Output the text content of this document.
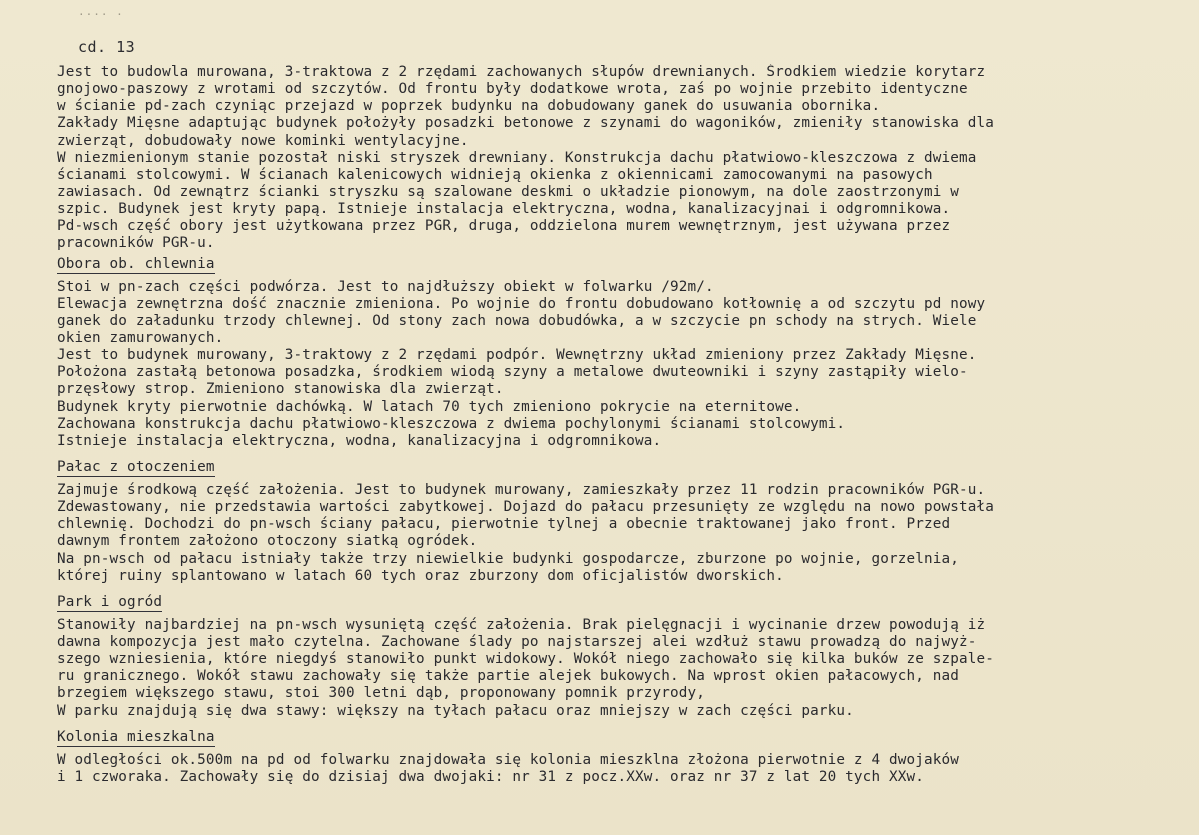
···· ·
cd. 13
Jest to budowla murowana, 3-traktowa z 2 rzędami zachowanych słupów drewnianych. Środkiem wiedzie korytarz
gnojowo-paszowy z wrotami od szczytów. Od frontu były dodatkowe wrota, zaś po wojnie przebito identyczne
w ścianie pd-zach czyniąc przejazd w poprzek budynku na dobudowany ganek do usuwania obornika.
Zakłady Mięsne adaptując budynek położyły posadzki betonowe z szynami do wagoników, zmieniły stanowiska dla
zwierząt, dobudowały nowe kominki wentylacyjne.
W niezmienionym stanie pozostał niski stryszek drewniany. Konstrukcja dachu płatwiowo-kleszczowa z dwiema
ścianami stolcowymi. W ścianach kalenicowych widnieją okienka z okiennicami zamocowanymi na pasowych
zawiasach. Od zewnątrz ścianki stryszku są szalowane deskmi o układzie pionowym, na dole zaostrzonymi w
szpic. Budynek jest kryty papą. Istnieje instalacja elektryczna, wodna, kanalizacyjnai i odgromnikowa.
Pd-wsch część obory jest użytkowana przez PGR, druga, oddzielona murem wewnętrznym, jest używana przez
pracowników PGR-u.
Obora ob. chlewnia
Stoi w pn-zach części podwórza. Jest to najdłuższy obiekt w folwarku /92m/.
Elewacja zewnętrzna dość znacznie zmieniona. Po wojnie do frontu dobudowano kotłownię a od szczytu pd nowy
ganek do załadunku trzody chlewnej. Od stony zach nowa dobudówka, a w szczycie pn schody na strych. Wiele
okien zamurowanych.
Jest to budynek murowany, 3-traktowy z 2 rzędami podpór. Wewnętrzny układ zmieniony przez Zakłady Mięsne.
Położona zastałą betonowa posadzka, środkiem wiodą szyny a metalowe dwuteowniki i szyny zastąpiły wielo-
przęsłowy strop. Zmieniono stanowiska dla zwierząt.
Budynek kryty pierwotnie dachówką. W latach 70 tych zmieniono pokrycie na eternitowe.
Zachowana konstrukcja dachu płatwiowo-kleszczowa z dwiema pochylonymi ścianami stolcowymi.
Istnieje instalacja elektryczna, wodna, kanalizacyjna i odgromnikowa.
Pałac z otoczeniem
Zajmuje środkową część założenia. Jest to budynek murowany, zamieszkały przez 11 rodzin pracowników PGR-u.
Zdewastowany, nie przedstawia wartości zabytkowej. Dojazd do pałacu przesunięty ze względu na nowo powstała
chlewnię. Dochodzi do pn-wsch ściany pałacu, pierwotnie tylnej a obecnie traktowanej jako front. Przed
dawnym frontem założono otoczony siatką ogródek.
Na pn-wsch od pałacu istniały także trzy niewielkie budynki gospodarcze, zburzone po wojnie, gorzelnia,
której ruiny splantowano w latach 60 tych oraz zburzony dom oficjalistów dworskich.
Park i ogród
Stanowiły najbardziej na pn-wsch wysuniętą część założenia. Brak pielęgnacji i wycinanie drzew powodują iż
dawna kompozycja jest mało czytelna. Zachowane ślady po najstarszej alei wzdłuż stawu prowadzą do najwyż-
szego wzniesienia, które niegdyś stanowiło punkt widokowy. Wokół niego zachowało się kilka buków ze szpale-
ru granicznego. Wokół stawu zachowały się także partie alejek bukowych. Na wprost okien pałacowych, nad
brzegiem większego stawu, stoi 300 letni dąb, proponowany pomnik przyrody,
W parku znajdują się dwa stawy: większy na tyłach pałacu oraz mniejszy w zach części parku.
Kolonia mieszkalna
W odległości ok.500m na pd od folwarku znajdowała się kolonia mieszklna złożona pierwotnie z 4 dwojaków
i 1 czworaka. Zachowały się do dzisiaj dwa dwojaki: nr 31 z pocz.XXw. oraz nr 37 z lat 20 tych XXw.
